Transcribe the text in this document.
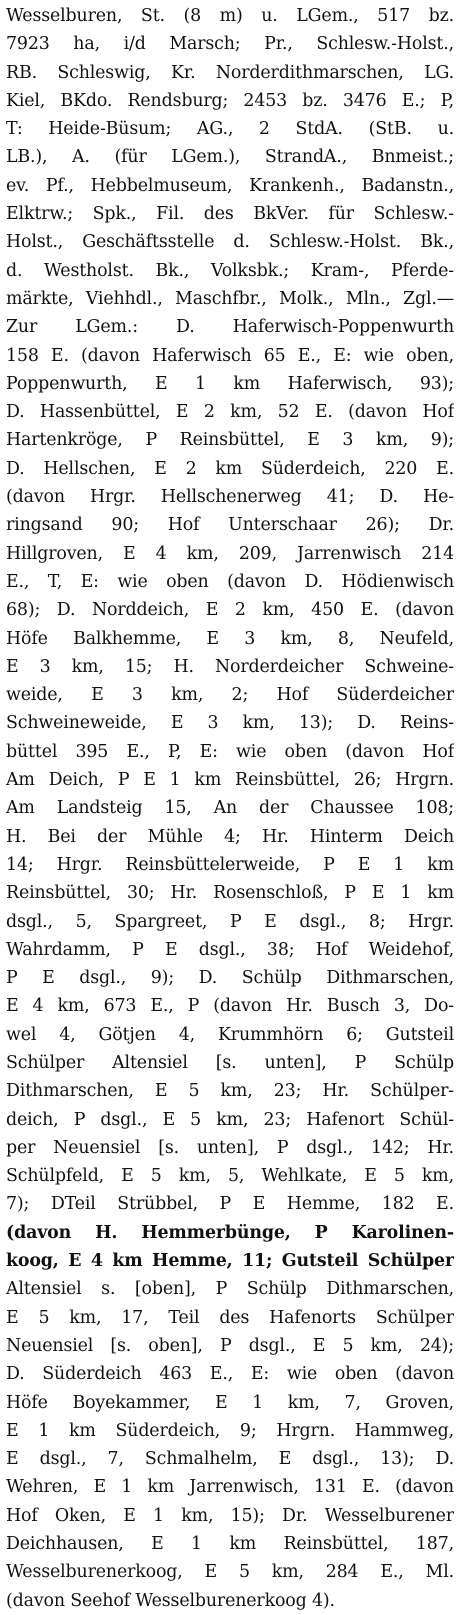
Wesselburen, St. (8 m) u. LGem., 517 bz.
7923 ha, i/d Marsch; Pr., Schlesw.-Holst.,
RB. Schleswig, Kr. Norderdithmarschen, LG.
Kiel, BKdo. Rendsburg; 2453 bz. 3476 E.; P,
T: Heide-Büsum; AG., 2 StdA. (StB. u.
LB.), A. (für LGem.), StrandA., Bnmeist.;
ev. Pf., Hebbelmuseum, Krankenh., Badanstn.,
Elktrw.; Spk., Fil. des BkVer. für Schlesw.-
Holst., Geschäftsstelle d. Schlesw.-Holst. Bk.,
d. Westholst. Bk., Volksbk.; Kram-, Pferde-
märkte, Viehhdl., Maschfbr., Molk., Mln., Zgl.—
Zur LGem.: D. Haferwisch-Poppenwurth
158 E. (davon Haferwisch 65 E., E: wie oben,
Poppenwurth, E 1 km Haferwisch, 93);
D. Hassenbüttel, E 2 km, 52 E. (davon Hof
Hartenkröge, P Reinsbüttel, E 3 km, 9);
D. Hellschen, E 2 km Süderdeich, 220 E.
(davon Hrgr. Hellschenerweg 41; D. He-
ringsand 90; Hof Unterschaar 26); Dr.
Hillgroven, E 4 km, 209, Jarrenwisch 214
E., T, E: wie oben (davon D. Hödienwisch
68); D. Norddeich, E 2 km, 450 E. (davon
Höfe Balkhemme, E 3 km, 8, Neufeld,
E 3 km, 15; H. Norderdeicher Schweine-
weide, E 3 km, 2; Hof Süderdeicher
Schweineweide, E 3 km, 13); D. Reins-
büttel 395 E., P, E: wie oben (davon Hof
Am Deich, P E 1 km Reinsbüttel, 26; Hrgrn.
Am Landsteig 15, An der Chaussee 108;
H. Bei der Mühle 4; Hr. Hinterm Deich
14; Hrgr. Reinsbüttelerweide, P E 1 km
Reinsbüttel, 30; Hr. Rosenschloß, P E 1 km
dsgl., 5, Spargreet, P E dsgl., 8; Hrgr.
Wahrdamm, P E dsgl., 38; Hof Weidehof,
P E dsgl., 9); D. Schülp Dithmarschen,
E 4 km, 673 E., P (davon Hr. Busch 3, Do-
wel 4, Götjen 4, Krummhörn 6; Gutsteil
Schülper Altensiel [s. unten], P Schülp
Dithmarschen, E 5 km, 23; Hr. Schülper-
deich, P dsgl., E 5 km, 23; Hafenort Schül-
per Neuensiel [s. unten], P dsgl., 142; Hr.
Schülpfeld, E 5 km, 5, Wehlkate, E 5 km,
7); DTeil Strübbel, P E Hemme, 182 E.
(davon H. Hemmerbünge, P Karolinen-
koog, E 4 km Hemme, 11; Gutsteil Schülper
Altensiel s. [oben], P Schülp Dithmarschen,
E 5 km, 17, Teil des Hafenorts Schülper
Neuensiel [s. oben], P dsgl., E 5 km, 24);
D. Süderdeich 463 E., E: wie oben (davon
Höfe Boyekammer, E 1 km, 7, Groven,
E 1 km Süderdeich, 9; Hrgrn. Hammweg,
E dsgl., 7, Schmalhelm, E dsgl., 13); D.
Wehren, E 1 km Jarrenwisch, 131 E. (davon
Hof Oken, E 1 km, 15); Dr. Wesselburener
Deichhausen, E 1 km Reinsbüttel, 187,
Wesselburenerkoog, E 5 km, 284 E., Ml.
(davon Seehof Wesselburenerkoog 4).
